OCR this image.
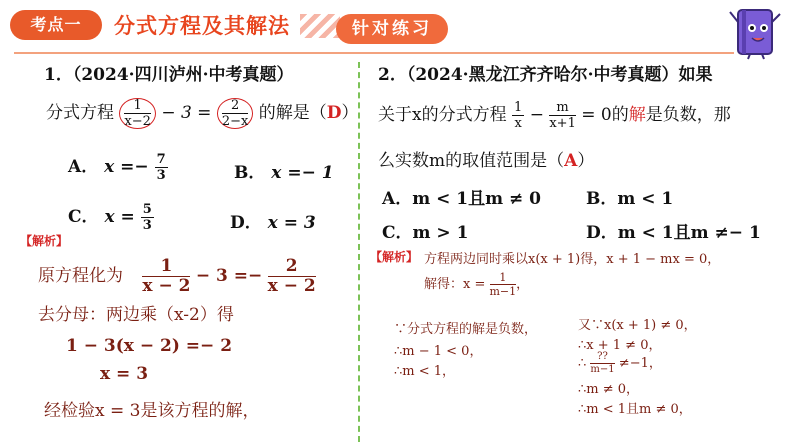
考点一	分式方程及其解法	针对练习
1．（2024·四川泸州·中考真题）
分式方程 $\frac{1}{x-2} - 3 = \frac{2}{2-x}$ 的解是（D）
A． $x =- \frac{7}{3}$	B． x =− 1
C． $x = \frac{5}{3}$	D． x = 3
【解析】
原方程化为 $\frac{1}{x - 2} - 3 =- \frac{2}{x - 2}$
去分母：两边乘（x-2）得
1 − 3(x − 2) =− 2
x = 3
经检验x = 3是该方程的解，
2．（2024·黑龙江齐齐哈尔·中考真题）如果
关于x的分式方程 $\frac{1}{x} - \frac{m}{x+1} = 0$的解是负数，那
么实数m的取值范围是（A）
A．m < 1且m ≠ 0	B．m < 1
C．m > 1	D．m < 1且m ≠− 1
【解析】 方程两边同时乘以x(x + 1)得，x + 1 − mx = 0，
解得：$x = \frac{1}{m-1}$ ，
∵分式方程的解是负数，
∴m − 1 < 0，
∴m < 1，
又∵x(x + 1) ≠ 0，
∴x + 1 ≠ 0，
∴ $\frac{??}{m-1} \ne-1$，
∴m ≠ 0，
∴m < 1且m ≠ 0，
